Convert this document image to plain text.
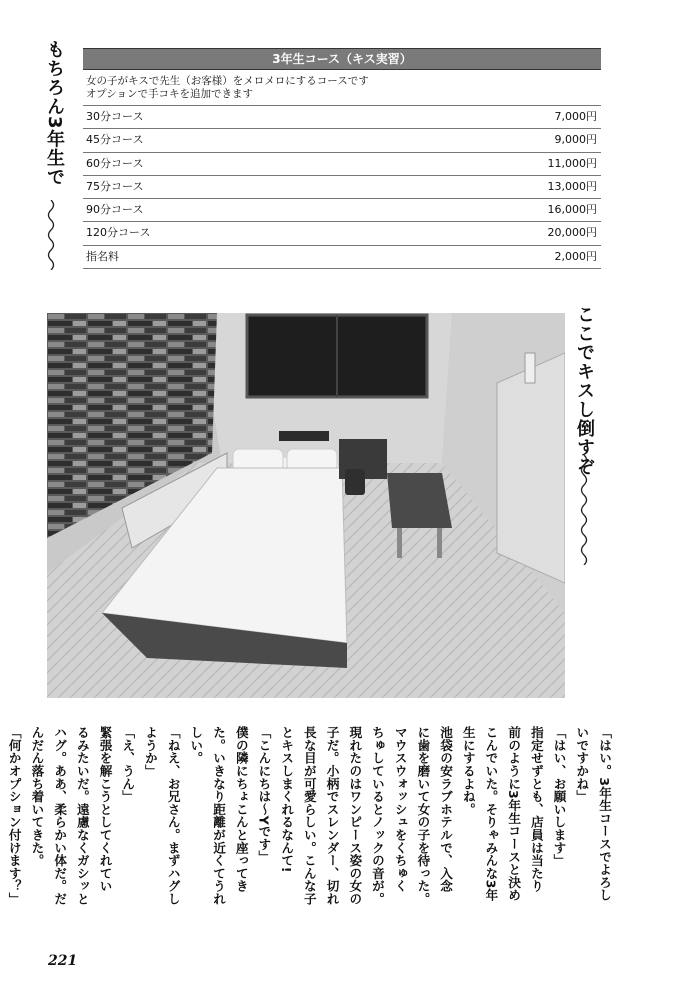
もちろん3年生で
ここでキスし倒すぞ
3年生コース（キス実習）
女の子がキスで先生（お客様）をメロメロにするコースです
オプションで手コキを追加できます
30分コース	7,000円
45分コース	9,000円
60分コース	11,000円
75分コース	13,000円
90分コース	16,000円
120分コース	20,000円
指名料	2,000円

「はい。3年生コースでよろし

いですかね」

「はい、お願いします」

指定せずとも、店員は当たり

前のように3年生コースと決め

こんでいた。そりゃみんな3年

生にするよね。

池袋の安ラブホテルで、入念

に歯を磨いて女の子を待った。

マウスウォッシュをくちゅく

ちゅしているとノックの音が。

現れたのはワンピース姿の女の

子だ。小柄でスレンダー、切れ

長な目が可愛らしい。こんな子

とキスしまくれるなんて!

「こんにちは〜Yです」

僕の隣にちょこんと座ってき

た。いきなり距離が近くてうれ

しい。

「ねえ、お兄さん。まずハグし

ようか」

「え、うん」

緊張を解こうとしてくれてい

るみたいだ。遠慮なくガシッと

ハグ。ああ、柔らかい体だ。だ

んだん落ち着いてきた。

「何かオプション付けます？」

221
